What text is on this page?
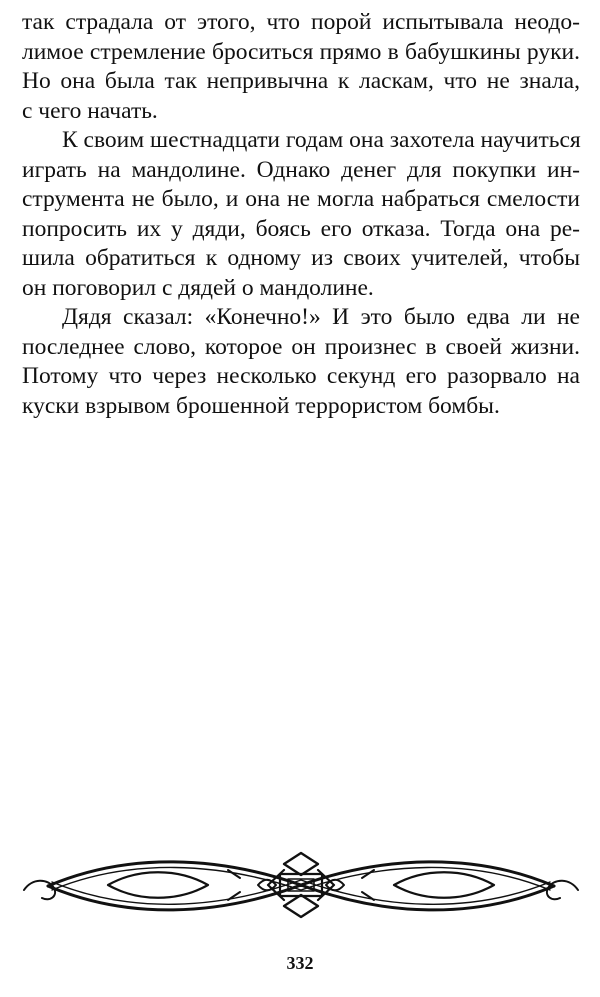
так страдала от этого, что порой испытывала неодо-
лимое стремление броситься прямо в бабушкины руки.
Но она была так непривычна к ласкам, что не знала,
с чего начать.
К своим шестнадцати годам она захотела научиться
играть на мандолине. Однако денег для покупки ин-
струмента не было, и она не могла набраться смелости
попросить их у дяди, боясь его отказа. Тогда она ре-
шила обратиться к одному из своих учителей, чтобы
он поговорил с дядей о мандолине.
Дядя сказал: «Конечно!» И это было едва ли не
последнее слово, которое он произнес в своей жизни.
Потому что через несколько секунд его разорвало на
куски взрывом брошенной террористом бомбы.
332
